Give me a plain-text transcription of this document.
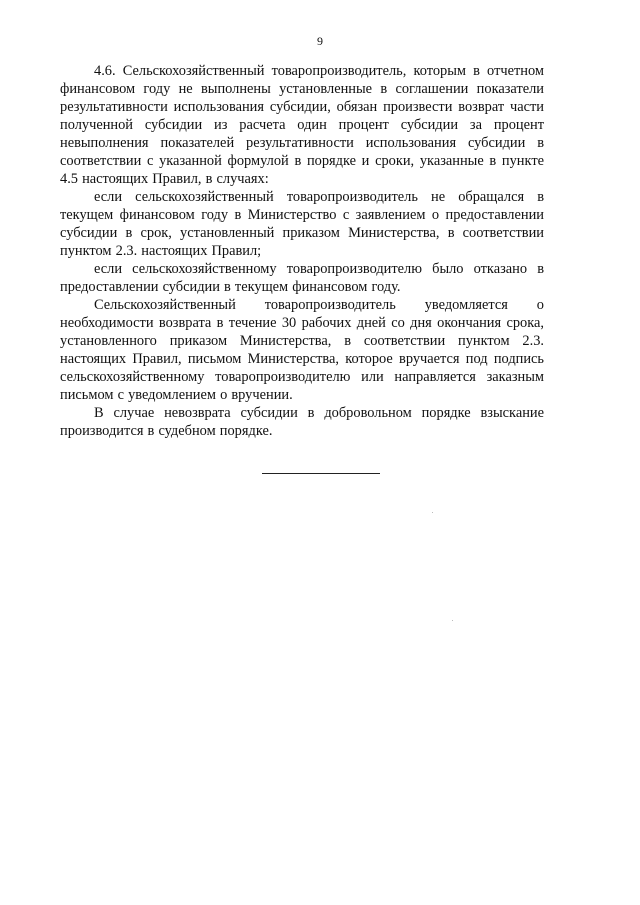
9

4.6. Сельскохозяйственный товаропроизводитель, которым в отчетном финансовом году не выполнены установленные в соглашении показатели результативности использования субсидии, обязан произвести возврат части полученной субсидии из расчета один процент субсидии за процент невыполнения показателей результативности использования субсидии в соответствии с указанной формулой в порядке и сроки, указанные в пункте 4.5 настоящих Правил, в случаях:

если сельскохозяйственный товаропроизводитель не обращался в текущем финансовом году в Министерство с заявлением о предоставлении субсидии в срок, установленный приказом Министерства, в соответствии пунктом 2.3. настоящих Правил;

если сельскохозяйственному товаропроизводителю было отказано в предоставлении субсидии в текущем финансовом году.

Сельскохозяйственный товаропроизводитель уведомляется о необходимости возврата в течение 30 рабочих дней со дня окончания срока, установленного приказом Министерства, в соответствии пунктом 2.3. настоящих Правил, письмом Министерства, которое вручается под подпись сельскохозяйственному товаропроизводителю или направляется заказным письмом с уведомлением о вручении.

В случае невозврата субсидии в добровольном порядке взыскание производится в судебном порядке.
